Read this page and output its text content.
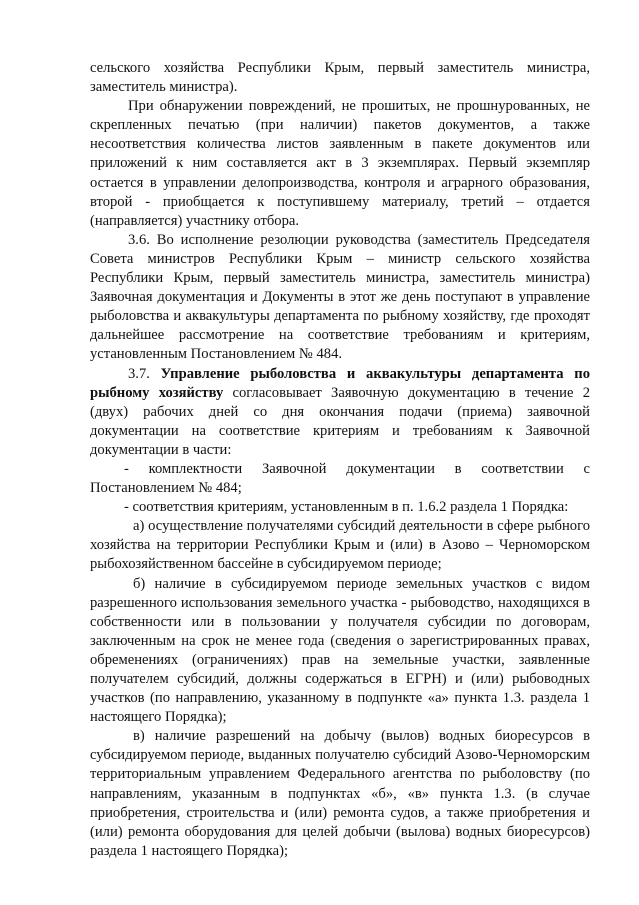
сельского хозяйства Республики Крым, первый заместитель министра, заместитель министра).

При обнаружении повреждений, не прошитых, не прошнурованных, не скрепленных печатью (при наличии) пакетов документов, а также несоответствия количества листов заявленным в пакете документов или приложений к ним составляется акт в 3 экземплярах. Первый экземпляр остается в управлении делопроизводства, контроля и аграрного образования, второй - приобщается к поступившему материалу, третий – отдается (направляется) участнику отбора.

3.6. Во исполнение резолюции руководства (заместитель Председателя Совета министров Республики Крым – министр сельского хозяйства Республики Крым, первый заместитель министра, заместитель министра) Заявочная документация и Документы в этот же день поступают в управление рыболовства и аквакультуры департамента по рыбному хозяйству, где проходят дальнейшее рассмотрение на соответствие требованиям и критериям, установленным Постановлением № 484.

3.7. Управление рыболовства и аквакультуры департамента по рыбному хозяйству согласовывает Заявочную документацию в течение 2 (двух) рабочих дней со дня окончания подачи (приема) заявочной документации на соответствие критериям и требованиям к Заявочной документации в части:

- комплектности Заявочной документации в соответствии с Постановлением № 484;

- соответствия критериям, установленным в п. 1.6.2 раздела 1 Порядка:

а) осуществление получателями субсидий деятельности в сфере рыбного хозяйства на территории Республики Крым и (или) в Азово – Черноморском рыбохозяйственном бассейне в субсидируемом периоде;

б) наличие в субсидируемом периоде земельных участков с видом разрешенного использования земельного участка - рыбоводство, находящихся в собственности или в пользовании у получателя субсидии по договорам, заключенным на срок не менее года (сведения о зарегистрированных правах, обременениях (ограничениях) прав на земельные участки, заявленные получателем субсидий, должны содержаться в ЕГРН) и (или) рыбоводных участков (по направлению, указанному в подпункте «а» пункта 1.3. раздела 1 настоящего Порядка);

в) наличие разрешений на добычу (вылов) водных биоресурсов в субсидируемом периоде, выданных получателю субсидий Азово-Черноморским территориальным управлением Федерального агентства по рыболовству (по направлениям, указанным в подпунктах «б», «в» пункта 1.3. (в случае приобретения, строительства и (или) ремонта судов, а также приобретения и (или) ремонта оборудования для целей добычи (вылова) водных биоресурсов) раздела 1 настоящего Порядка);
